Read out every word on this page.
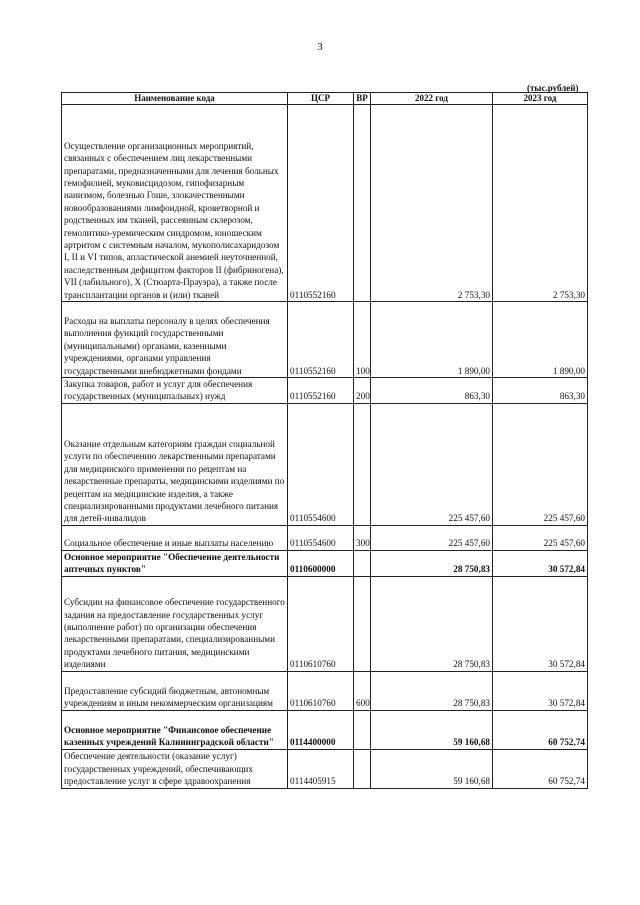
3
(тыс.рублей)
Наименование кода	ЦСР	ВР	2022 год	2023 год
Осуществление организационных мероприятий, связанных с обеспечением лиц лекарственными препаратами, предназначенными для лечения больных гемофилией, муковисцидозом, гипофизарным нанизмом, болезнью Гоше, злокачественными новообразованиями лимфоидной, кроветворной и родственных им тканей, рассеянным склерозом, гемолитико-уремическим синдромом, юношеским артритом с системным началом, мукополисахаридозом I, II и VI типов, апластической анемией неуточненной, наследственным дефицитом факторов II (фибриногена), VII (лабильного), X (Стюарта-Прауэра), а также после трансплантации органов и (или) тканей	0110552160		2 753,30	2 753,30
Расходы на выплаты персоналу в целях обеспечения выполнения функций государственными (муниципальными) органами, казенными учреждениями, органами управления государственными внебюджетными фондами	0110552160	100	1 890,00	1 890,00
Закупка товаров, работ и услуг для обеспечения государственных (муниципальных) нужд	0110552160	200	863,30	863,30
Оказание отдельным категориям граждан социальной услуги по обеспечению лекарственными препаратами для медицинского применения по рецептам на лекарственные препараты, медицинскими изделиями по рецептам на медицинские изделия, а также специализированными продуктами лечебного питания для детей-инвалидов	0110554600		225 457,60	225 457,60
Социальное обеспечение и иные выплаты населению	0110554600	300	225 457,60	225 457,60
Основное мероприятие "Обеспечение деятельности аптечных пунктов"	0110600000		28 750,83	30 572,84
Субсидии на финансовое обеспечение государственного задания на предоставление государственных услуг (выполнение работ) по организации обеспечения лекарственными препаратами, специализированными продуктами лечебного питания, медицинскими изделиями	0110610760		28 750,83	30 572,84
Предоставление субсидий бюджетным, автономным учреждениям и иным некоммерческим организациям	0110610760	600	28 750,83	30 572,84
Основное мероприятие "Финансовое обеспечение казенных учреждений Калининградской области"	0114400000		59 160,68	60 752,74
Обеспечение деятельности (оказание услуг) государственных учреждений, обеспечивающих предоставление услуг в сфере здравоохранения	0114405915		59 160,68	60 752,74
